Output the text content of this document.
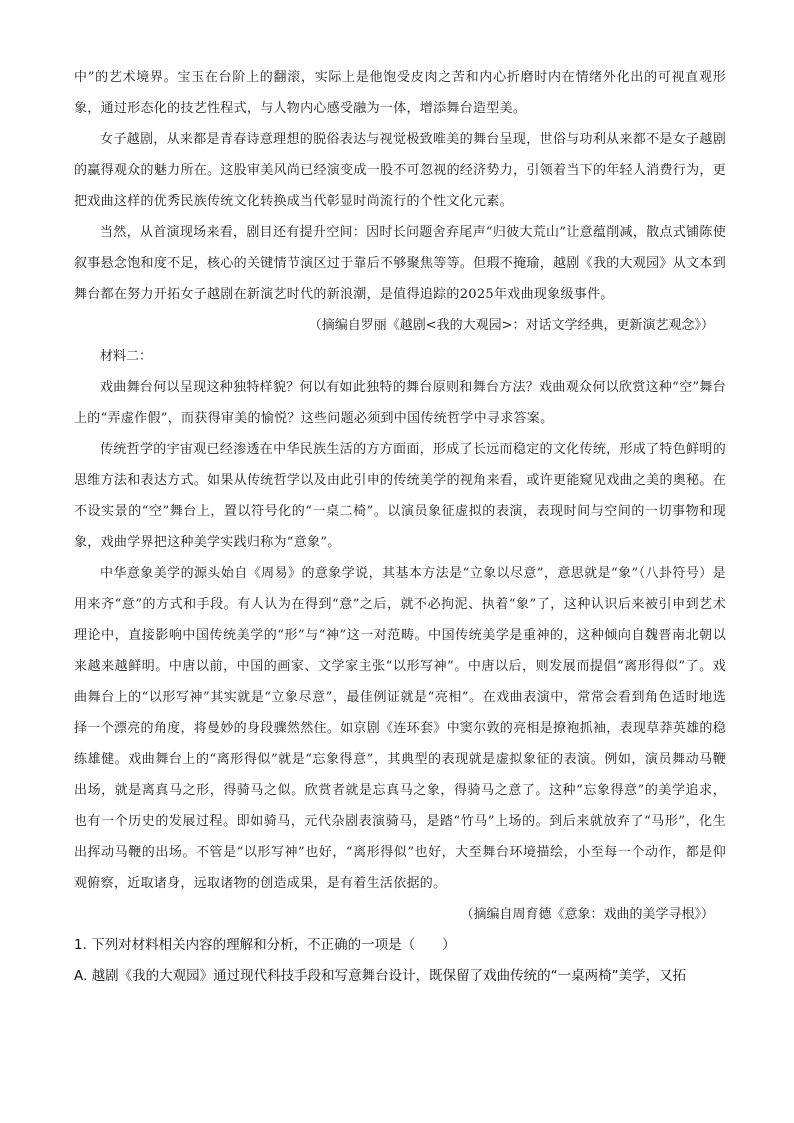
中”的艺术境界。宝玉在台阶上的翻滚，实际上是他饱受皮肉之苦和内心折磨时内在情绪外化出的可视直观形象，通过形态化的技艺性程式，与人物内心感受融为一体，增添舞台造型美。

女子越剧，从来都是青春诗意理想的脱俗表达与视觉极致唯美的舞台呈现，世俗与功利从来都不是女子越剧的赢得观众的魅力所在。这股审美风尚已经演变成一股不可忽视的经济势力，引领着当下的年轻人消费行为，更把戏曲这样的优秀民族传统文化转换成当代彰显时尚流行的个性文化元素。

当然，从首演现场来看，剧目还有提升空间：因时长问题舍弃尾声“归彼大荒山”让意蕴削减，散点式铺陈使叙事悬念饱和度不足，核心的关键情节演区过于靠后不够聚焦等等。但瑕不掩瑜，越剧《我的大观园》从文本到舞台都在努力开拓女子越剧在新演艺时代的新浪潮，是值得追踪的2025年戏曲现象级事件。

（摘编自罗丽《越剧<我的大观园>：对话文学经典，更新演艺观念》）

材料二：

戏曲舞台何以呈现这种独特样貌？何以有如此独特的舞台原则和舞台方法？戏曲观众何以欣赏这种“空”舞台上的“弄虚作假”，而获得审美的愉悦？这些问题必须到中国传统哲学中寻求答案。

传统哲学的宇宙观已经渗透在中华民族生活的方方面面，形成了长远而稳定的文化传统，形成了特色鲜明的思维方法和表达方式。如果从传统哲学以及由此引申的传统美学的视角来看，或许更能窥见戏曲之美的奥秘。在不设实景的“空”舞台上，置以符号化的“一桌二椅”。以演员象征虚拟的表演，表现时间与空间的一切事物和现象，戏曲学界把这种美学实践归称为“意象”。

中华意象美学的源头始自《周易》的意象学说，其基本方法是“立象以尽意”，意思就是“象”（八卦符号）是用来齐“意”的方式和手段。有人认为在得到“意”之后，就不必拘泥、执着“象”了，这种认识后来被引申到艺术理论中，直接影响中国传统美学的“形”与“神”这一对范畴。中国传统美学是重神的，这种倾向自魏晋南北朝以来越来越鲜明。中唐以前，中国的画家、文学家主张“以形写神”。中唐以后，则发展而提倡“离形得似”了。戏曲舞台上的“以形写神”其实就是“立象尽意”，最佳例证就是“亮相”。在戏曲表演中，常常会看到角色适时地选择一个漂亮的角度，将曼妙的身段骤然然住。如京剧《连环套》中窦尔敦的亮相是撩袍抓袖，表现草莽英雄的稳练雄健。戏曲舞台上的“离形得似”就是“忘象得意”，其典型的表现就是虚拟象征的表演。例如，演员舞动马鞭出场，就是离真马之形，得骑马之似。欣赏者就是忘真马之象，得骑马之意了。这种“忘象得意”的美学追求，也有一个历史的发展过程。即如骑马，元代杂剧表演骑马，是踏“竹马”上场的。到后来就放弃了“马形”，化生出挥动马鞭的出场。不管是“以形写神”也好，“离形得似”也好，大至舞台环境描绘，小至每一个动作，都是仰观俯察，近取诸身，远取诸物的创造成果，是有着生活依据的。

（摘编自周育德《意象：戏曲的美学寻根》）

1. 下列对材料相关内容的理解和分析，不正确的一项是（　　）

A. 越剧《我的大观园》通过现代科技手段和写意舞台设计，既保留了戏曲传统的“一桌两椅”美学，又拓
